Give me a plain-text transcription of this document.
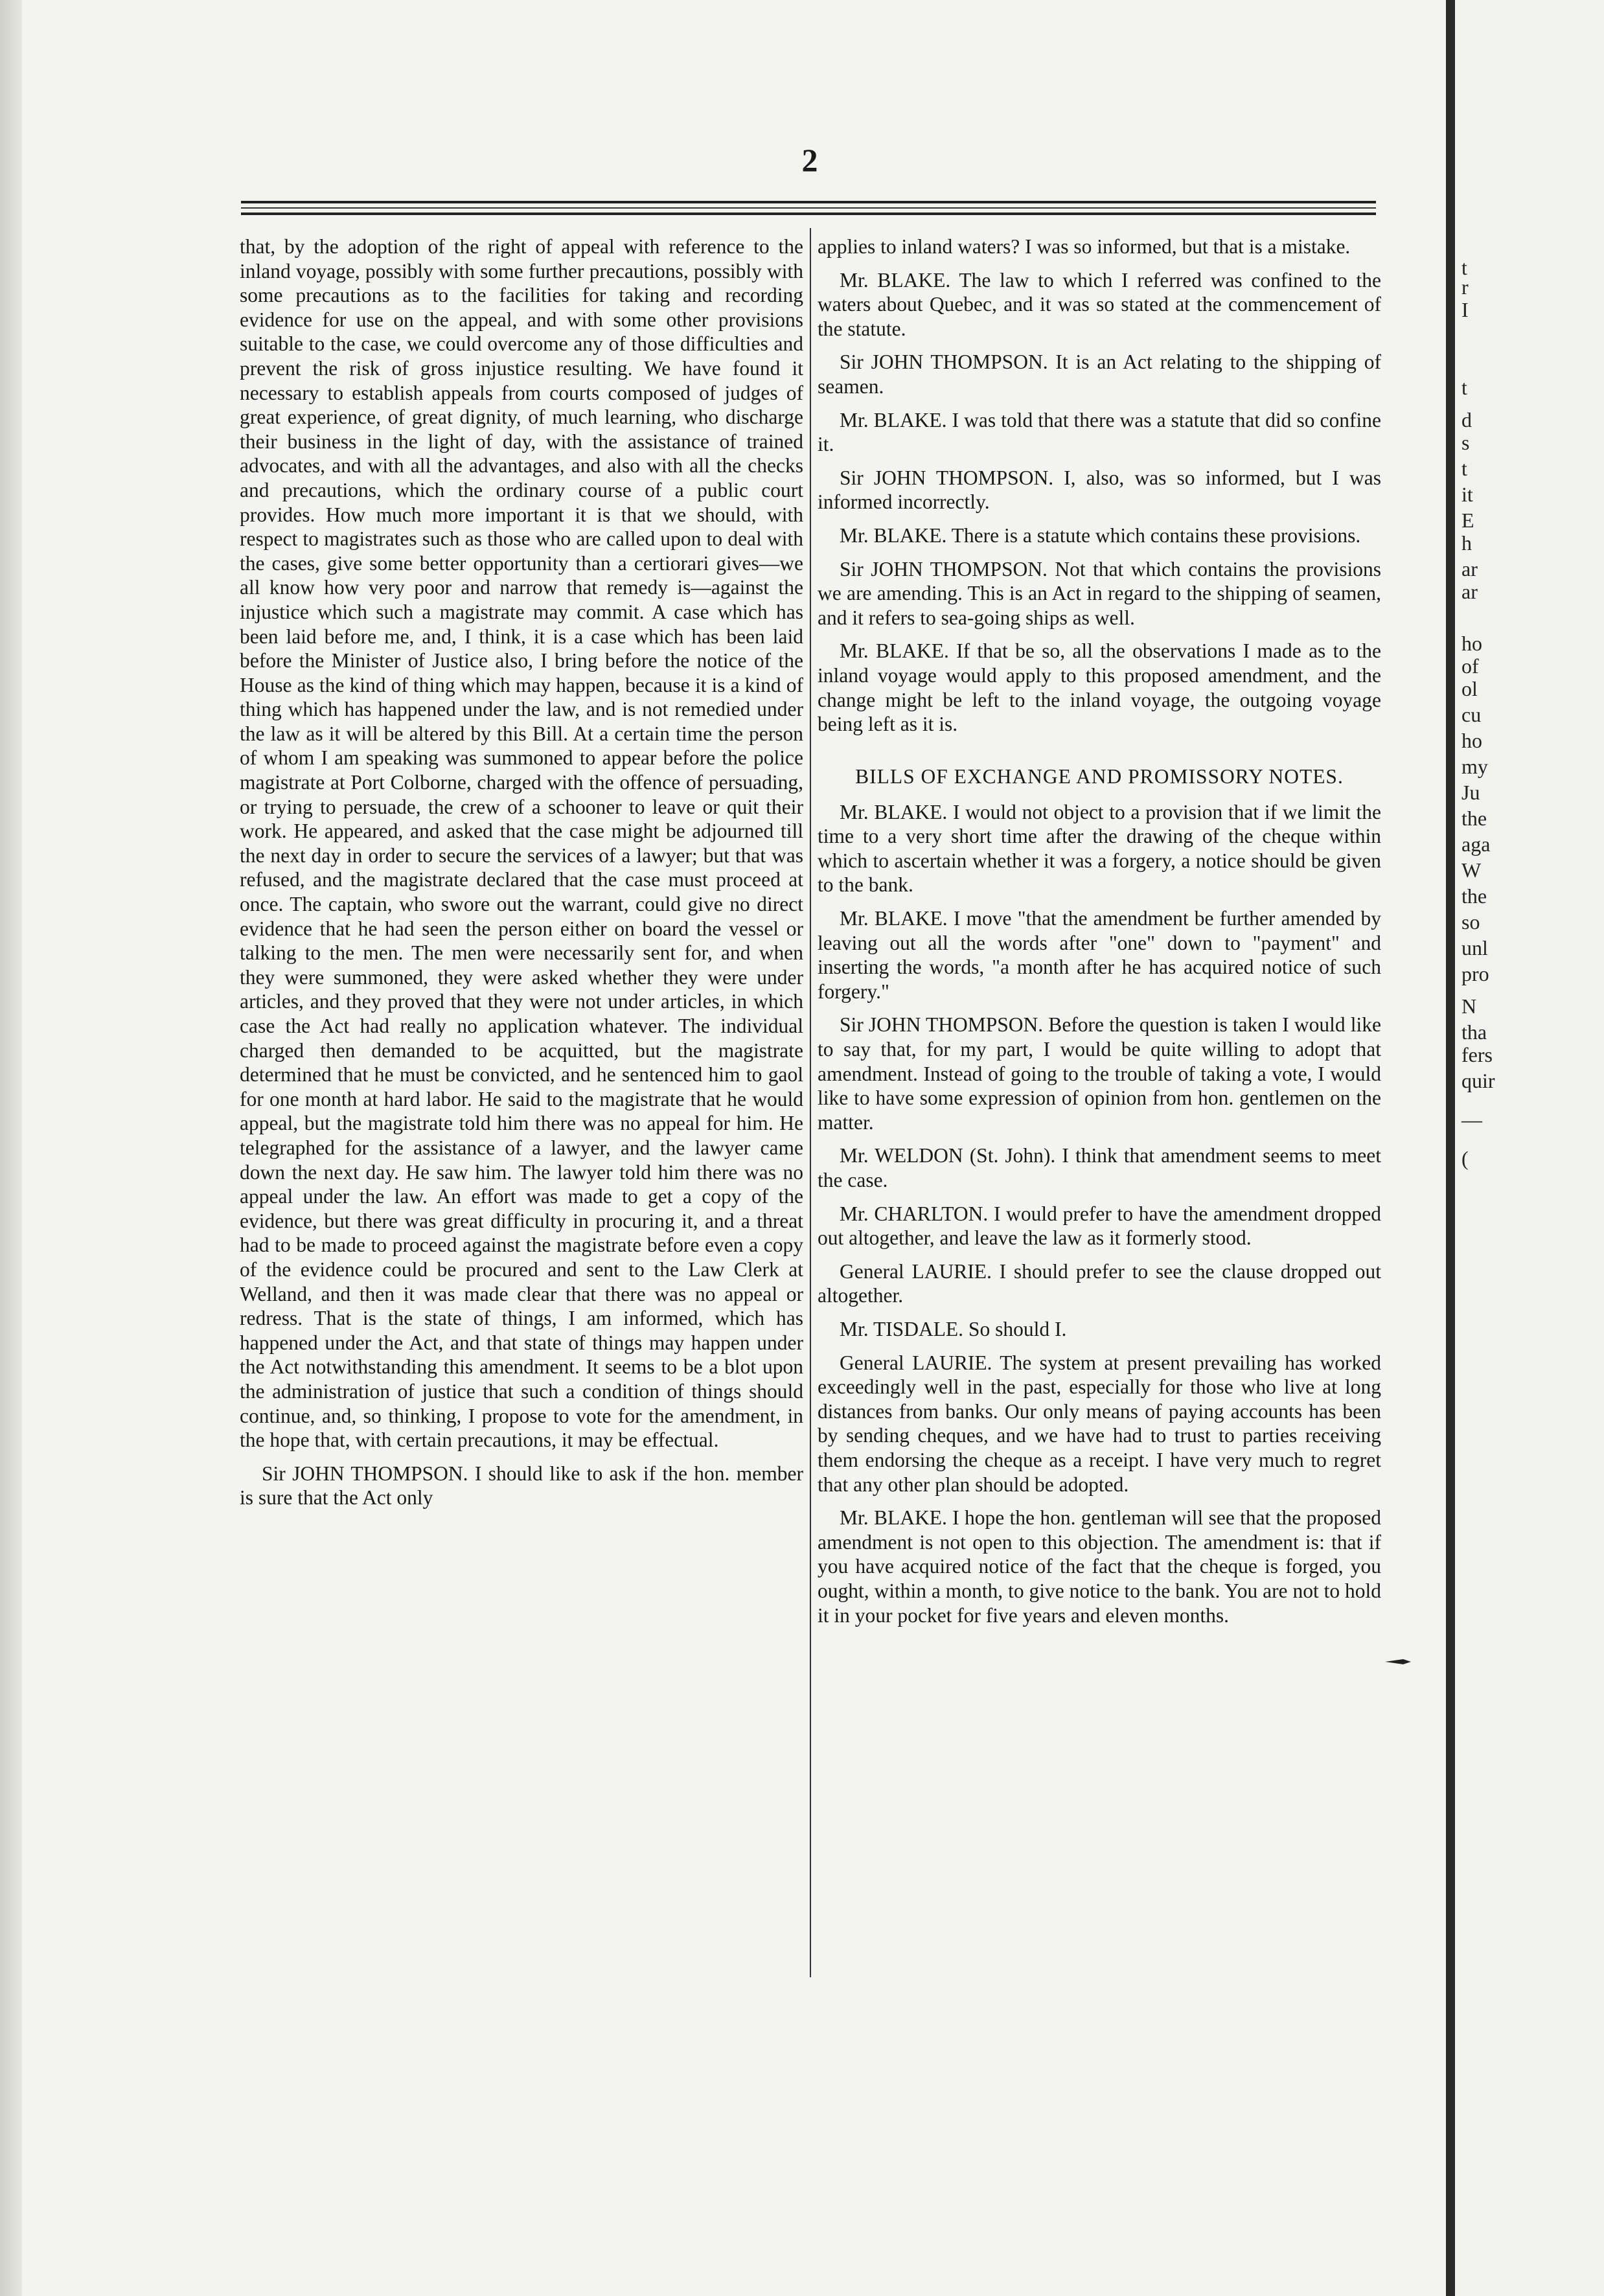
t
r
I
t
d
s
t
it
E
h
ar
ar
ho
of
ol
cu
ho
my
Ju
the
aga
W
the
so
unl
pro
N
tha
fers
quir
—
(
2

that, by the adoption of the right of appeal with reference to the inland voyage, possibly with some further precautions, possibly with some precautions as to the facilities for taking and recording evidence for use on the appeal, and with some other provisions suitable to the case, we could overcome any of those difficulties and prevent the risk of gross injustice resulting. We have found it necessary to establish appeals from courts composed of judges of great experience, of great dignity, of much learning, who discharge their business in the light of day, with the assistance of trained advocates, and with all the advantages, and also with all the checks and precautions, which the ordinary course of a public court provides. How much more important it is that we should, with respect to magistrates such as those who are called upon to deal with the cases, give some better opportunity than a certiorari gives—we all know how very poor and narrow that remedy is—against the injustice which such a magistrate may commit. A case which has been laid before me, and, I think, it is a case which has been laid before the Minister of Justice also, I bring before the notice of the House as the kind of thing which may happen, because it is a kind of thing which has happened under the law, and is not remedied under the law as it will be altered by this Bill. At a certain time the person of whom I am speaking was summoned to appear before the police magistrate at Port Colborne, charged with the offence of persuading, or trying to persuade, the crew of a schooner to leave or quit their work. He appeared, and asked that the case might be adjourned till the next day in order to secure the services of a lawyer; but that was refused, and the magistrate declared that the case must proceed at once. The captain, who swore out the warrant, could give no direct evidence that he had seen the person either on board the vessel or talking to the men. The men were necessarily sent for, and when they were summoned, they were asked whether they were under articles, and they proved that they were not under articles, in which case the Act had really no application whatever. The individual charged then demanded to be acquitted, but the magistrate determined that he must be convicted, and he sentenced him to gaol for one month at hard labor. He said to the magistrate that he would appeal, but the magistrate told him there was no appeal for him. He telegraphed for the assistance of a lawyer, and the lawyer came down the next day. He saw him. The lawyer told him there was no appeal under the law. An effort was made to get a copy of the evidence, but there was great difficulty in procuring it, and a threat had to be made to proceed against the magistrate before even a copy of the evidence could be procured and sent to the Law Clerk at Welland, and then it was made clear that there was no appeal or redress. That is the state of things, I am informed, which has happened under the Act, and that state of things may happen under the Act notwithstanding this amendment. It seems to be a blot upon the administration of justice that such a condition of things should continue, and, so thinking, I propose to vote for the amendment, in the hope that, with certain precautions, it may be effectual.

Sir JOHN THOMPSON. I should like to ask if the hon. member is sure that the Act only

applies to inland waters? I was so informed, but that is a mistake.

Mr. BLAKE. The law to which I referred was confined to the waters about Quebec, and it was so stated at the commencement of the statute.

Sir JOHN THOMPSON. It is an Act relating to the shipping of seamen.

Mr. BLAKE. I was told that there was a statute that did so confine it.

Sir JOHN THOMPSON. I, also, was so informed, but I was informed incorrectly.

Mr. BLAKE. There is a statute which contains these provisions.

Sir JOHN THOMPSON. Not that which contains the provisions we are amending. This is an Act in regard to the shipping of seamen, and it refers to sea-going ships as well.

Mr. BLAKE. If that be so, all the observations I made as to the inland voyage would apply to this proposed amendment, and the change might be left to the inland voyage, the outgoing voyage being left as it is.

BILLS OF EXCHANGE AND PROMISSORY NOTES.

Mr. BLAKE. I would not object to a provision that if we limit the time to a very short time after the drawing of the cheque within which to ascertain whether it was a forgery, a notice should be given to the bank.

Mr. BLAKE. I move "that the amendment be further amended by leaving out all the words after "one" down to "payment" and inserting the words, "a month after he has acquired notice of such forgery."

Sir JOHN THOMPSON. Before the question is taken I would like to say that, for my part, I would be quite willing to adopt that amendment. Instead of going to the trouble of taking a vote, I would like to have some expression of opinion from hon. gentlemen on the matter.

Mr. WELDON (St. John). I think that amendment seems to meet the case.

Mr. CHARLTON. I would prefer to have the amendment dropped out altogether, and leave the law as it formerly stood.

General LAURIE. I should prefer to see the clause dropped out altogether.

Mr. TISDALE. So should I.

General LAURIE. The system at present prevailing has worked exceedingly well in the past, especially for those who live at long distances from banks. Our only means of paying accounts has been by sending cheques, and we have had to trust to parties receiving them endorsing the cheque as a receipt. I have very much to regret that any other plan should be adopted.

Mr. BLAKE. I hope the hon. gentleman will see that the proposed amendment is not open to this objection. The amendment is: that if you have acquired notice of the fact that the cheque is forged, you ought, within a month, to give notice to the bank. You are not to hold it in your pocket for five years and eleven months.
